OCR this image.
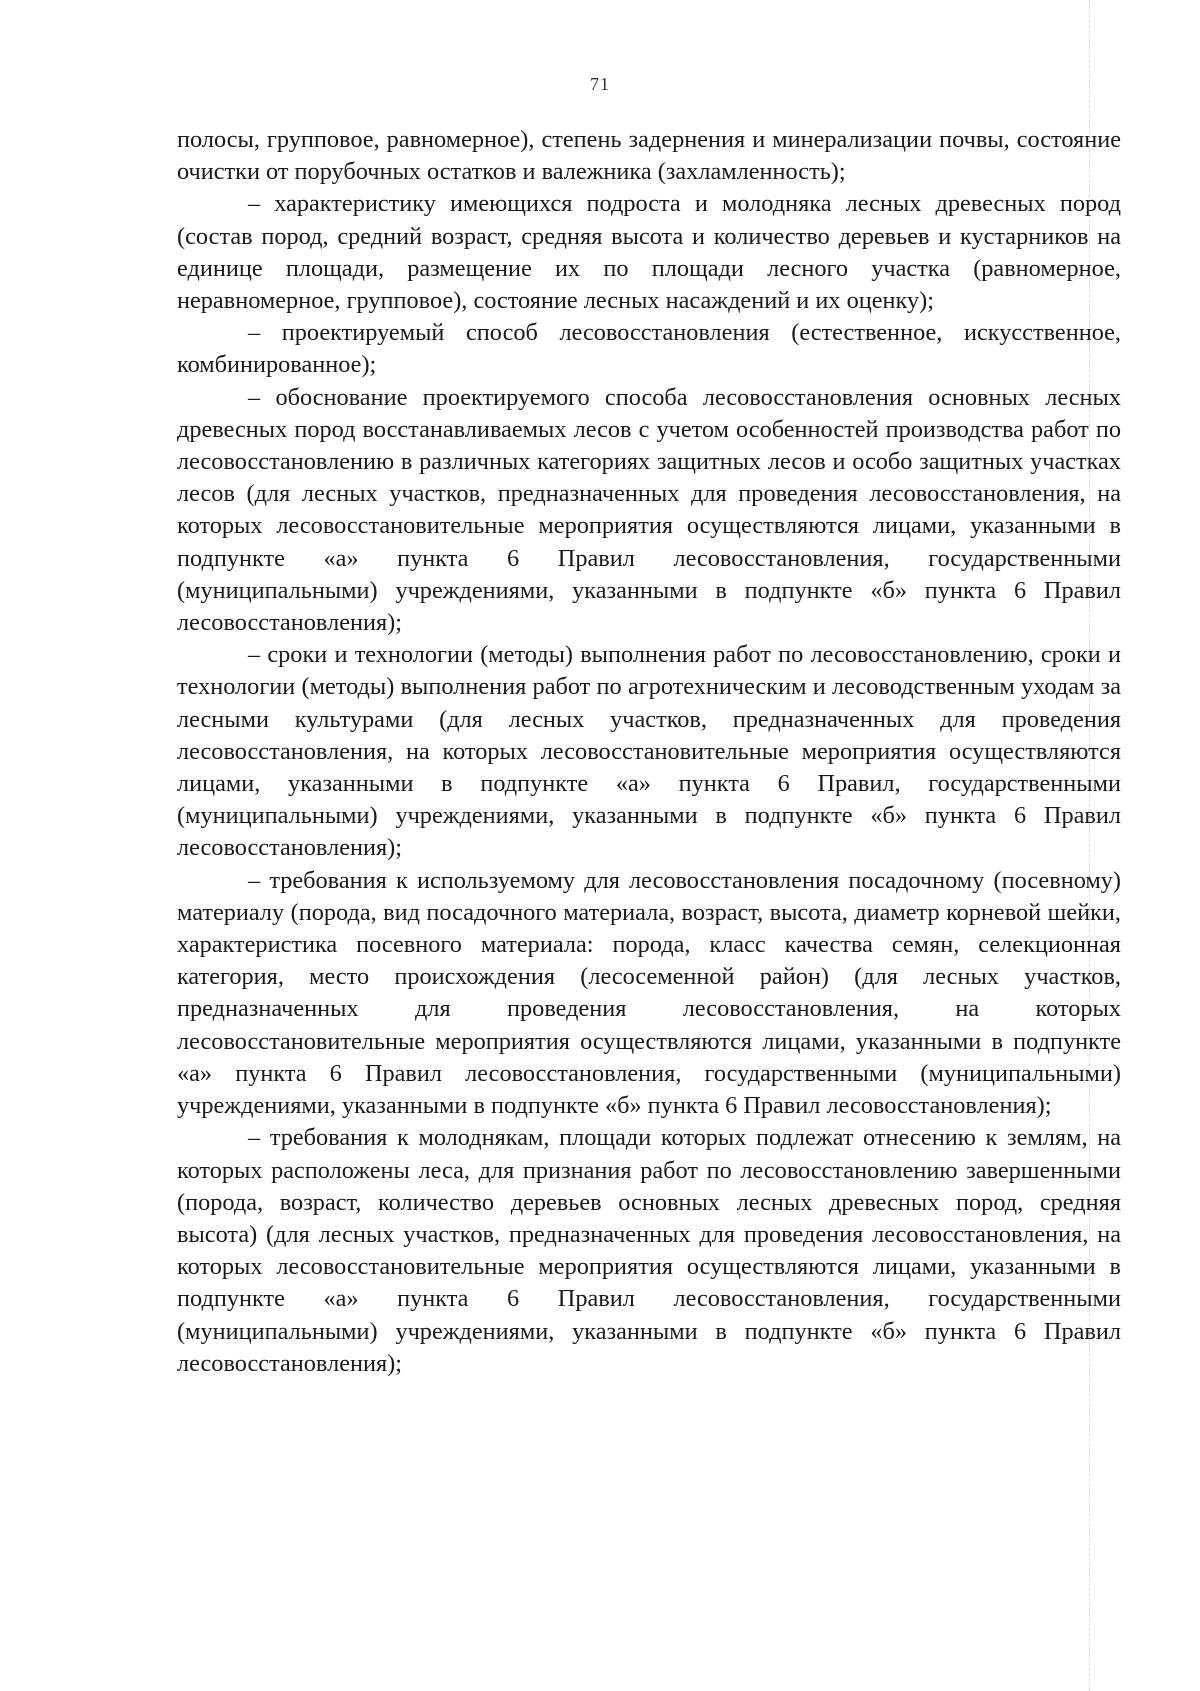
71

полосы, групповое, равномерное), степень задернения и минерализации почвы, состояние очистки от порубочных остатков и валежника (захламленность);

– характеристику имеющихся подроста и молодняка лесных древесных пород (состав пород, средний возраст, средняя высота и количество деревьев и кустарников на единице площади, размещение их по площади лесного участка (равномерное, неравномерное, групповое), состояние лесных насаждений и их оценку);

– проектируемый способ лесовосстановления (естественное, искусственное, комбинированное);

– обоснование проектируемого способа лесовосстановления основных лесных древесных пород восстанавливаемых лесов с учетом особенностей производства работ по лесовосстановлению в различных категориях защитных лесов и особо защитных участках лесов (для лесных участков, предназначенных для проведения лесовосстановления, на которых лесовосстановительные мероприятия осуществляются лицами, указанными в подпункте «а» пункта 6 Правил лесовосстановления, государственными (муниципальными) учреждениями, указанными в подпункте «б» пункта 6 Правил лесовосстановления);

– сроки и технологии (методы) выполнения работ по лесовосстановлению, сроки и технологии (методы) выполнения работ по агротехническим и лесоводственным уходам за лесными культурами (для лесных участков, предназначенных для проведения лесовосстановления, на которых лесовосстановительные мероприятия осуществляются лицами, указанными в подпункте «а» пункта 6 Правил, государственными (муниципальными) учреждениями, указанными в подпункте «б» пункта 6 Правил лесовосстановления);

– требования к используемому для лесовосстановления посадочному (посевному) материалу (порода, вид посадочного материала, возраст, высота, диаметр корневой шейки, характеристика посевного материала: порода, класс качества семян, селекционная категория, место происхождения (лесосеменной район) (для лесных участков, предназначенных для проведения лесовосстановления, на которых лесовосстановительные мероприятия осуществляются лицами, указанными в подпункте «а» пункта 6 Правил лесовосстановления, государственными (муниципальными) учреждениями, указанными в подпункте «б» пункта 6 Правил лесовосстановления);

– требования к молоднякам, площади которых подлежат отнесению к землям, на которых расположены леса, для признания работ по лесовосстановлению завершенными (порода, возраст, количество деревьев основных лесных древесных пород, средняя высота) (для лесных участков, предназначенных для проведения лесовосстановления, на которых лесовосстановительные мероприятия осуществляются лицами, указанными в подпункте «а» пункта 6 Правил лесовосстановления, государственными (муниципальными) учреждениями, указанными в подпункте «б» пункта 6 Правил лесовосстановления);
